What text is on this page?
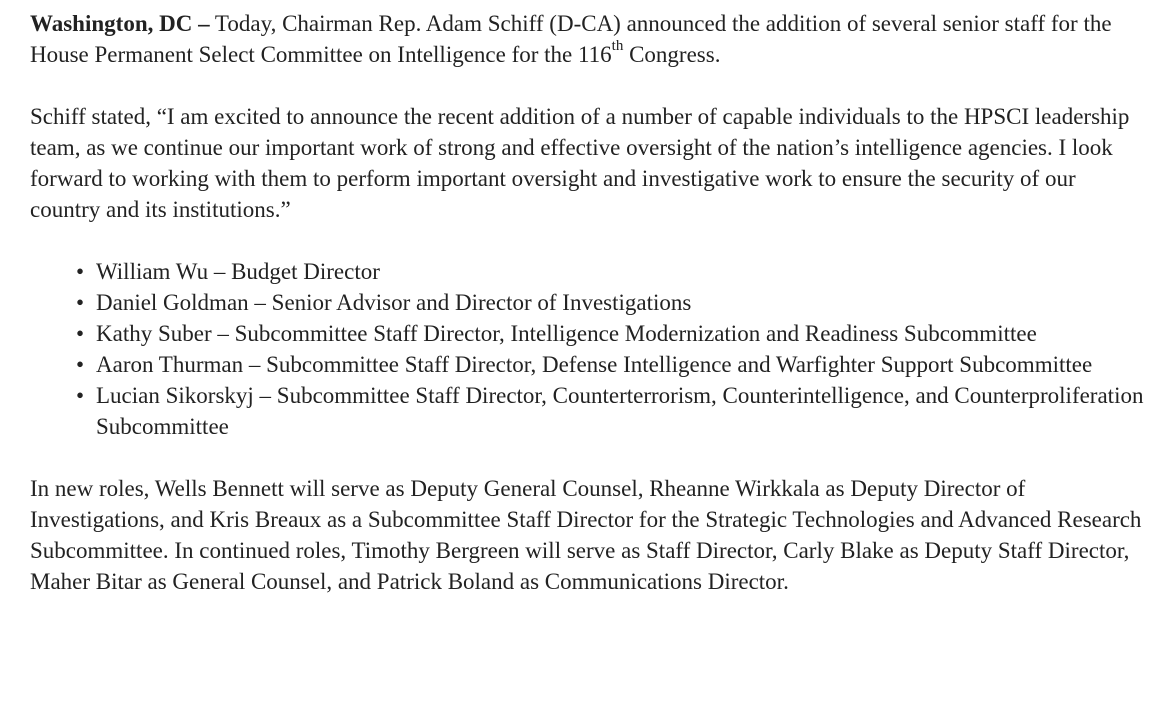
Washington, DC – Today, Chairman Rep. Adam Schiff (D-CA) announced the addition of several senior staff for the House Permanent Select Committee on Intelligence for the 116th Congress.

Schiff stated, “I am excited to announce the recent addition of a number of capable individuals to the HPSCI leadership team, as we continue our important work of strong and effective oversight of the nation’s intelligence agencies. I look forward to working with them to perform important oversight and investigative work to ensure the security of our country and its institutions.”

• William Wu – Budget Director
• Daniel Goldman – Senior Advisor and Director of Investigations
• Kathy Suber – Subcommittee Staff Director, Intelligence Modernization and Readiness Subcommittee
• Aaron Thurman – Subcommittee Staff Director, Defense Intelligence and Warfighter Support Subcommittee
• Lucian Sikorskyj – Subcommittee Staff Director, Counterterrorism, Counterintelligence, and Counterproliferation Subcommittee

In new roles, Wells Bennett will serve as Deputy General Counsel, Rheanne Wirkkala as Deputy Director of Investigations, and Kris Breaux as a Subcommittee Staff Director for the Strategic Technologies and Advanced Research Subcommittee. In continued roles, Timothy Bergreen will serve as Staff Director, Carly Blake as Deputy Staff Director, Maher Bitar as General Counsel, and Patrick Boland as Communications Director.
